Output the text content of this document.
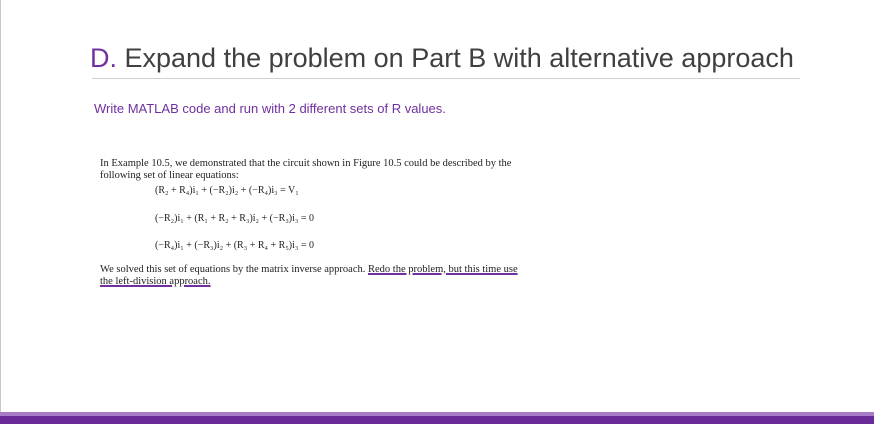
D. Expand the problem on Part B with alternative approach

Write MATLAB code and run with 2 different sets of R values.

In Example 10.5, we demonstrated that the circuit shown in Figure 10.5 could be described by the following set of linear equations:

(R₂ + R₄)i₁ + (−R₂)i₂ + (−R₄)i₃ = V₁

(−R₂)i₁ + (R₁ + R₂ + R₃)i₂ + (−R₃)i₃ = 0

(−R₄)i₁ + (−R₃)i₂ + (R₃ + R₄ + R₅)i₃ = 0

We solved this set of equations by the matrix inverse approach. Redo the problem, but this time use the left-division approach.
